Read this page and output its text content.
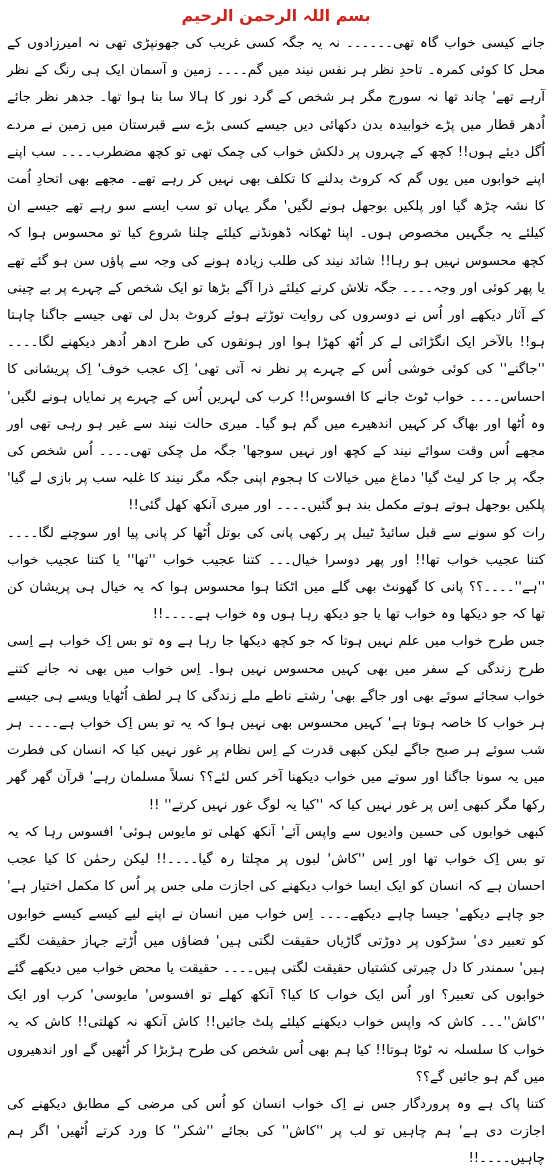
بسم اللہ الرحمن الرحیم

جانے کیسی خواب گاہ تھی۔۔۔۔۔۔ نہ یہ جگہ کسی غریب کی جھونپڑی تھی نہ امیرزادوں کے محل کا کوئی کمرہ۔ تاحدِ نظر ہر نفس نیند میں گم۔۔۔۔ زمین و آسمان ایک ہی رنگ کے نظر آرہے تھے' چاند تھا نہ سورج مگر ہر شخص کے گرد نور کا ہالا سا بنا ہوا تھا۔ جدھر نظر جائے اُدھر قطار میں پڑے خوابیدہ بدن دکھائی دیں جیسے کسی بڑے سے قبرستان میں زمین نے مردے اُگل دیئے ہوں!! کچھ کے چہروں پر دلکش خواب کی چمک تھی تو کچھ مضطرب۔۔۔۔ سب اپنے اپنے خوابوں میں یوں گم کہ کروٹ بدلنے کا تکلف بھی نہیں کر رہے تھے۔ مجھے بھی اتحادِ اُمت کا نشہ چڑھ گیا اور پلکیں بوجھل ہونے لگیں' مگر یہاں تو سب ایسے سو رہے تھے جیسے ان کیلئے یہ جگہیں مخصوص ہوں۔ اپنا ٹھکانہ ڈھونڈنے کیلئے چلنا شروع کیا تو محسوس ہوا کہ کچھ محسوس نہیں ہو رہا!! شائد نیند کی طلب زیادہ ہونے کی وجہ سے پاؤں سن ہو گئے تھے یا پھر کوئی اور وجہ۔۔۔۔ جگہ تلاش کرنے کیلئے ذرا آگے بڑھا تو ایک شخص کے چہرے پر بے چینی کے آثار دیکھے اور اُس نے دوسروں کی روایت توڑتے ہوئے کروٹ بدل لی تھی جیسے جاگنا چاہتا ہو!! بالآخر ایک انگڑائی لے کر اُٹھ کھڑا ہوا اور ہونقوں کی طرح ادھر اُدھر دیکھنے لگا۔۔۔۔ ''جاگنے'' کی کوئی خوشی اُس کے چہرے پر نظر نہ آتی تھی' اِک عجب خوف' اِک پریشانی کا احساس۔۔۔۔ خواب ٹوٹ جانے کا افسوس!! کرب کی لہریں اُس کے چہرے پر نمایاں ہونے لگیں' وہ اُٹھا اور بھاگ کر کہیں اندھیرے میں گم ہو گیا۔ میری حالت نیند سے غیر ہو رہی تھی اور مجھے اُس وقت سوائے نیند کے کچھ اور نہیں سوجھا' جگہ مل چکی تھی۔۔۔۔ اُس شخص کی جگہ پر جا کر لیٹ گیا' دماغ میں خیالات کا ہجوم اپنی جگہ مگر نیند کا غلبہ سب پر بازی لے گیا' پلکیں بوجھل ہوتے ہوتے مکمل بند ہو گئیں۔۔۔۔ اور میری آنکھ کھل گئی!!

رات کو سونے سے قبل سائیڈ ٹیبل پر رکھی پانی کی بوتل اُٹھا کر پانی پیا اور سوچنے لگا۔۔۔۔ کتنا عجیب خواب تھا!! اور پھر دوسرا خیال۔۔۔ کتنا عجیب خواب ''تھا'' یا کتنا عجیب خواب ''ہے''۔۔۔۔؟؟ پانی کا گھونٹ بھی گلے میں اٹکتا ہوا محسوس ہوا کہ یہ خیال ہی پریشان کن تھا کہ جو دیکھا وہ خواب تھا یا جو دیکھ رہا ہوں وہ خواب ہے۔۔۔۔!!

جس طرح خواب میں علم نہیں ہوتا کہ جو کچھ دیکھا جا رہا ہے وہ تو بس اِک خواب ہے اِسی طرح زندگی کے سفر میں بھی کہیں محسوس نہیں ہوا۔ اِس خواب میں بھی نہ جانے کتنے خواب سجائے سوئے بھی اور جاگے بھی' رشتے ناطے ملے زندگی کا ہر لطف اُٹھایا ویسے ہی جیسے ہر خواب کا خاصہ ہوتا ہے' کہیں محسوس بھی نہیں ہوا کہ یہ تو بس اِک خواب ہے۔۔۔۔ ہر شب سوئے ہر صبح جاگے لیکن کبھی قدرت کے اِس نظام پر غور نہیں کیا کہ انسان کی فطرت میں یہ سونا جاگنا اور سوتے میں خواب دیکھنا آخر کس لئے؟؟ نسلاً مسلمان رہے' قرآن گھر گھر رکھا مگر کبھی اِس پر غور نہیں کیا کہ ''کیا یہ لوگ غور نہیں کرتے'' !!

کبھی خوابوں کی حسین وادیوں سے واپس آئے' آنکھ کھلی تو مایوس ہوئی' افسوس رہا کہ یہ تو بس اِک خواب تھا اور اِس ''کاش' لبوں پر مچلتا رہ گیا۔۔۔۔!! لیکن رحمٰن کا کیا عجب احسان ہے کہ انسان کو ایک ایسا خواب دیکھنے کی اجازت ملی جس پر اُس کا مکمل اختیار ہے' جو چاہے دیکھے' جیسا چاہے دیکھے۔۔۔۔ اِس خواب میں انسان نے اپنے لیے کیسے کیسے خوابوں کو تعبیر دی' سڑکوں پر دوڑتی گاڑیاں حقیقت لگتی ہیں' فضاؤں میں اُڑتے جہاز حقیقت لگتے ہیں' سمندر کا دل چیرتی کشتیاں حقیقت لگتی ہیں۔۔۔۔ حقیقت یا محض خواب میں دیکھے گئے خوابوں کی تعبیر؟ اور اُس ایک خواب کا کیا؟ آنکھ کھلے تو افسوس' مایوسی' کرب اور ایک ''کاش''۔۔۔ کاش کہ واپس خواب دیکھنے کیلئے پلٹ جائیں!! کاش آنکھ نہ کھلتی!! کاش کہ یہ خواب کا سلسلہ نہ ٹوٹا ہوتا!! کیا ہم بھی اُس شخص کی طرح ہڑبڑا کر اُٹھیں گے اور اندھیروں میں گم ہو جائیں گے؟؟

کتنا پاک ہے وہ پروردگار جس نے اِک خواب انسان کو اُس کی مرضی کے مطابق دیکھنے کی اجازت دی ہے' ہم چاہیں تو لب پر ''کاش'' کی بجائے ''شکر'' کا ورد کرتے اُٹھیں' اگر ہم چاہیں۔۔۔۔!!
